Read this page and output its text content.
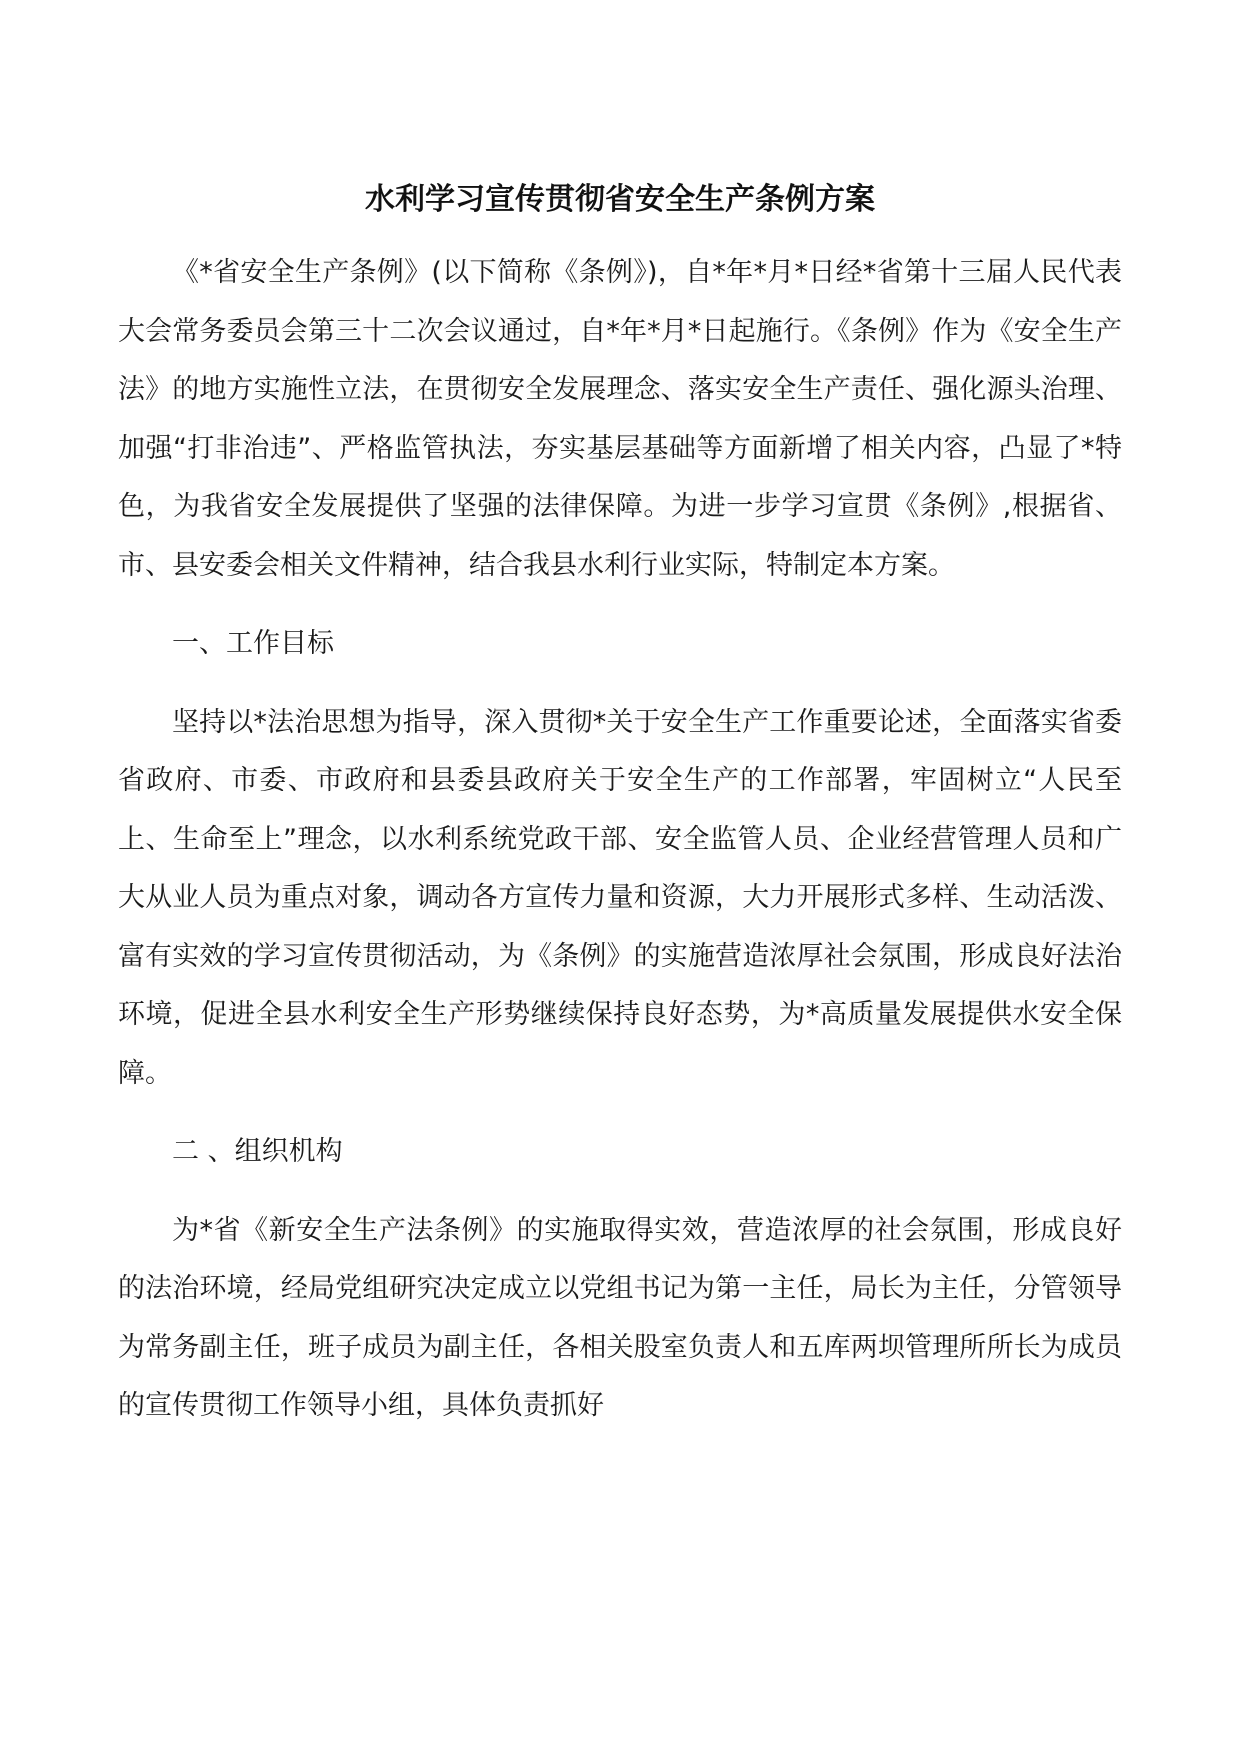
水利学习宣传贯彻省安全生产条例方案

《*省安全生产条例》(以下简称《条例》)，自*年*月*日经*省第十三届人民代表大会常务委员会第三十二次会议通过，自*年*月*日起施行。《条例》作为《安全生产法》的地方实施性立法，在贯彻安全发展理念、落实安全生产责任、强化源头治理、加强“打非治违”、严格监管执法，夯实基层基础等方面新增了相关内容，凸显了*特色，为我省安全发展提供了坚强的法律保障。为进一步学习宣贯《条例》,根据省、市、县安委会相关文件精神，结合我县水利行业实际，特制定本方案。

一、工作目标

坚持以*法治思想为指导，深入贯彻*关于安全生产工作重要论述，全面落实省委省政府、市委、市政府和县委县政府关于安全生产的工作部署，牢固树立“人民至上、生命至上”理念，以水利系统党政干部、安全监管人员、企业经营管理人员和广大从业人员为重点对象，调动各方宣传力量和资源，大力开展形式多样、生动活泼、富有实效的学习宣传贯彻活动，为《条例》的实施营造浓厚社会氛围，形成良好法治环境，促进全县水利安全生产形势继续保持良好态势，为*高质量发展提供水安全保障。

二 、组织机构

为*省《新安全生产法条例》的实施取得实效，营造浓厚的社会氛围，形成良好的法治环境，经局党组研究决定成立以党组书记为第一主任，局长为主任，分管领导为常务副主任，班子成员为副主任，各相关股室负责人和五库两坝管理所所长为成员的宣传贯彻工作领导小组，具体负责抓好
